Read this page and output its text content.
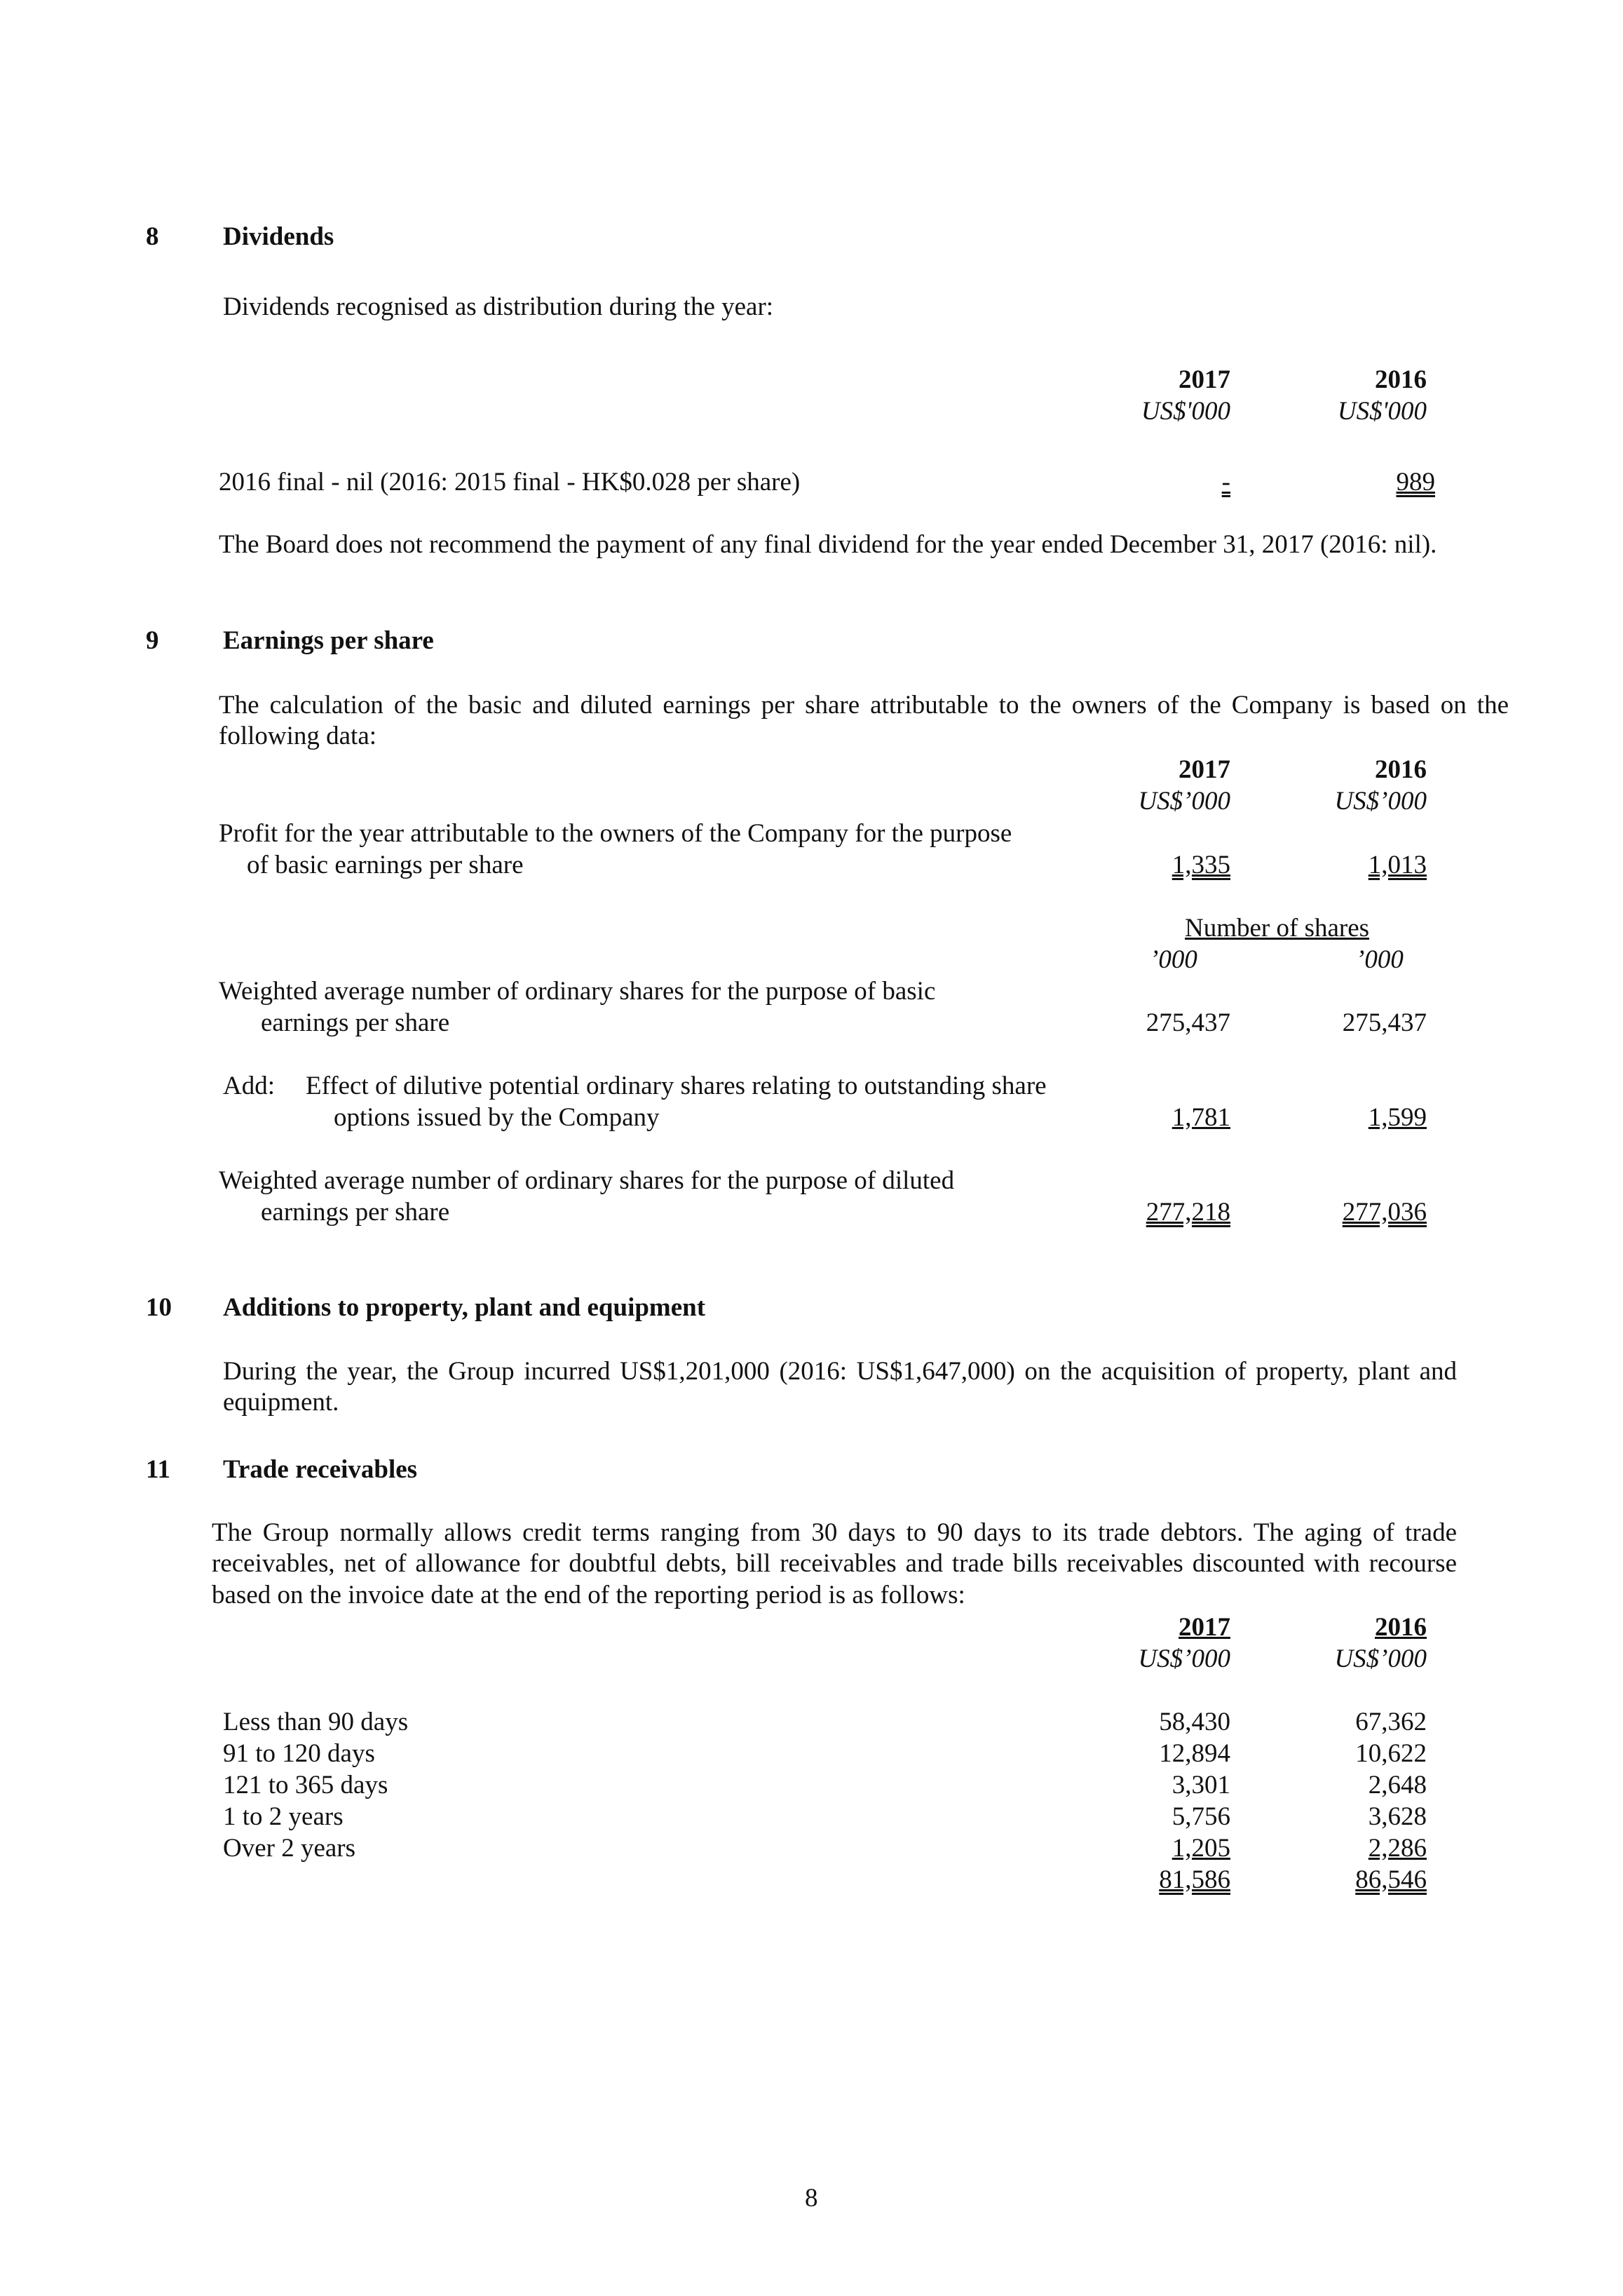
8 Dividends
Dividends recognised as distribution during the year:
2017	2016
US$'000	US$'000
2016 final - nil (2016: 2015 final - HK$0.028 per share)	-	989
The Board does not recommend the payment of any final dividend for the year ended December 31, 2017 (2016: nil).
9 Earnings per share
The calculation of the basic and diluted earnings per share attributable to the owners of the Company is based on the following data:
2017	2016
US$’000	US$’000
Profit for the year attributable to the owners of the Company for the purpose
of basic earnings per share	1,335	1,013
Number of shares
’000	’000
Weighted average number of ordinary shares for the purpose of basic
earnings per share	275,437	275,437
Add: Effect of dilutive potential ordinary shares relating to outstanding share
options issued by the Company	1,781	1,599
Weighted average number of ordinary shares for the purpose of diluted
earnings per share	277,218	277,036
10 Additions to property, plant and equipment
During the year, the Group incurred US$1,201,000 (2016: US$1,647,000) on the acquisition of property, plant and equipment.
11 Trade receivables
The Group normally allows credit terms ranging from 30 days to 90 days to its trade debtors. The aging of trade receivables, net of allowance for doubtful debts, bill receivables and trade bills receivables discounted with recourse based on the invoice date at the end of the reporting period is as follows:
2017	2016
US$’000	US$’000
Less than 90 days	58,430	67,362
91 to 120 days	12,894	10,622
121 to 365 days	3,301	2,648
1 to 2 years	5,756	3,628
Over 2 years	1,205	2,286
81,586	86,546
8
